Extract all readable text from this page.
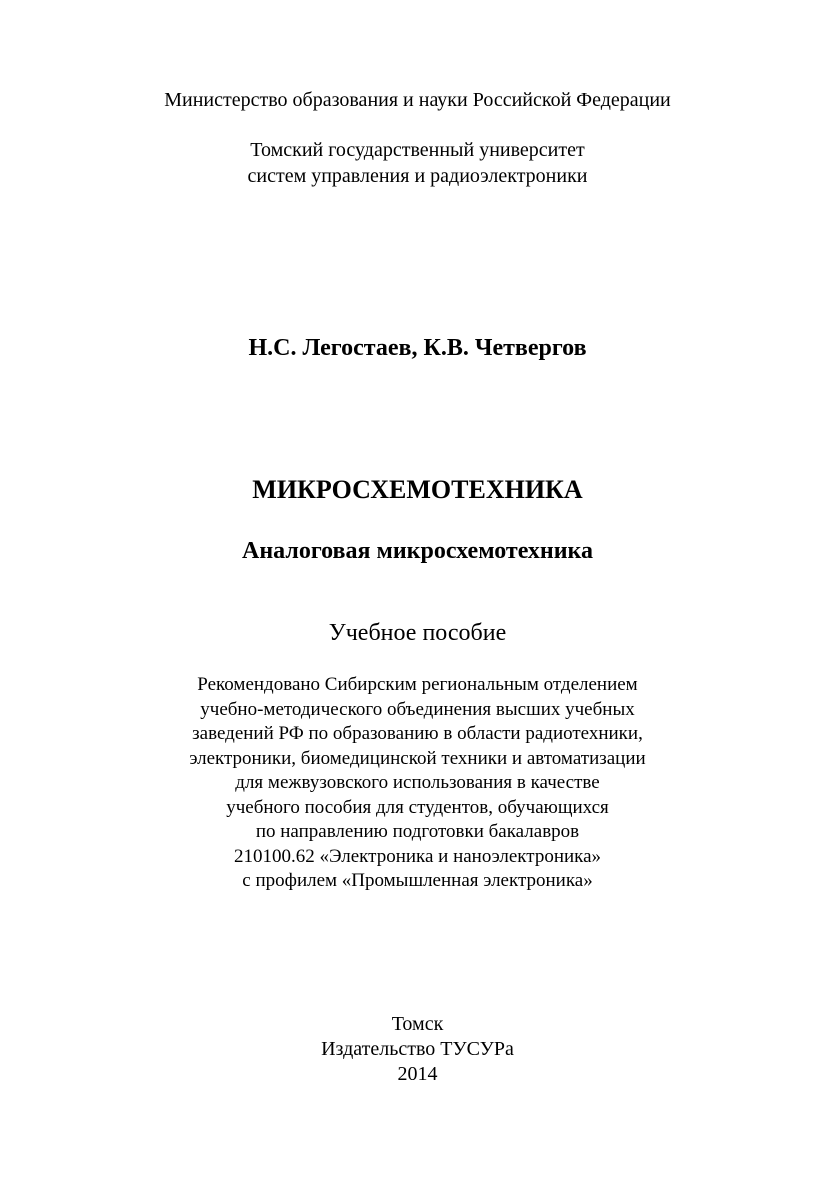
Министерство образования и науки Российской Федерации

Томский государственный университет
систем управления и радиоэлектроники

Н.С. Легостаев, К.В. Четвергов

МИКРОСХЕМОТЕХНИКА
Аналоговая микросхемотехника

Учебное пособие

Рекомендовано Сибирским региональным отделением
учебно-методического объединения высших учебных
заведений РФ по образованию в области радиотехники,
электроники, биомедицинской техники и автоматизации
для межвузовского использования в качестве
учебного пособия для студентов, обучающихся
по направлению подготовки бакалавров
210100.62 «Электроника и наноэлектроника»
с профилем «Промышленная электроника»

Томск
Издательство ТУСУРа
2014
